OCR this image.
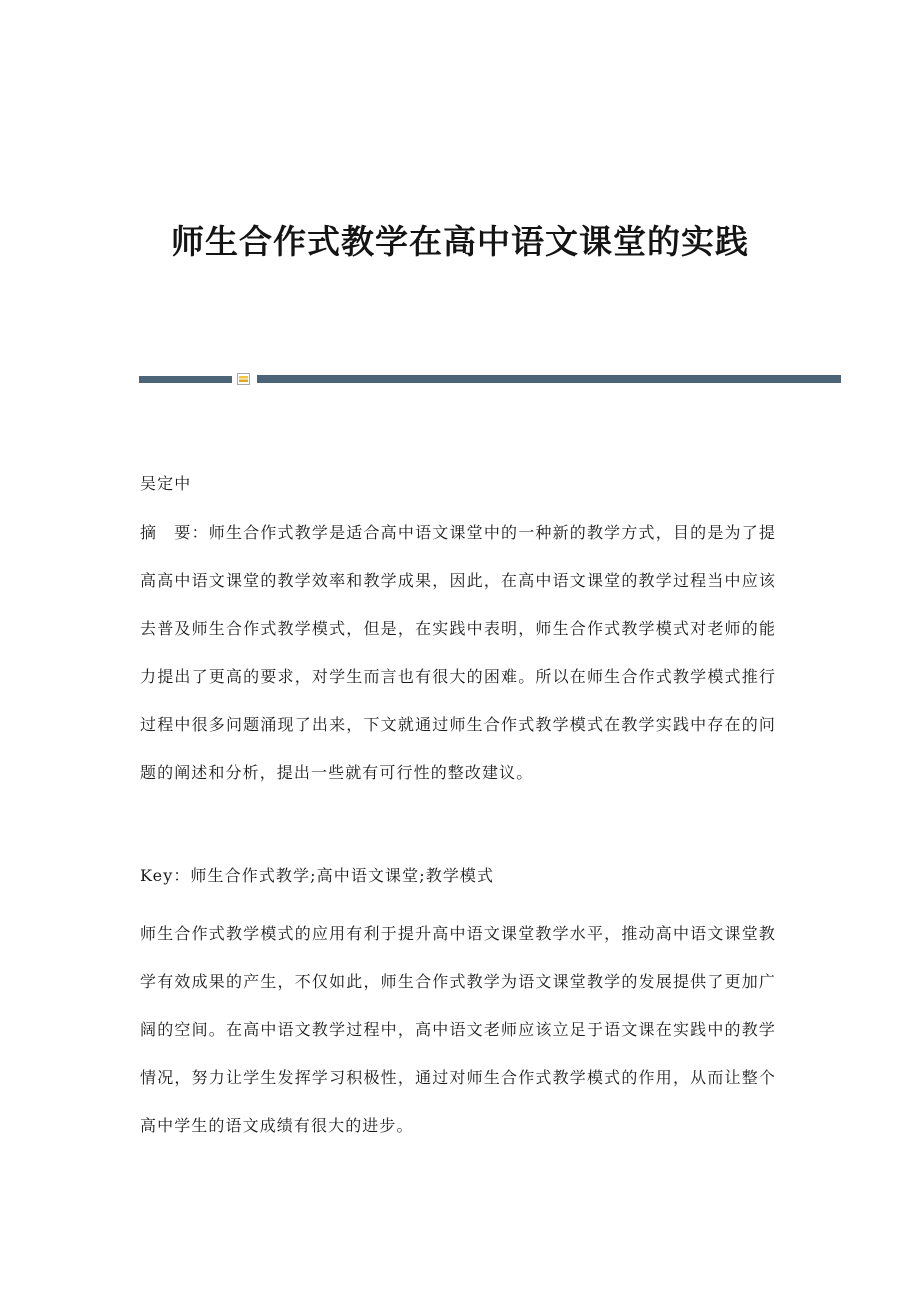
师生合作式教学在高中语文课堂的实践

吴定中

摘　要：师生合作式教学是适合高中语文课堂中的一种新的教学方式，目的是为了提高高中语文课堂的教学效率和教学成果，因此，在高中语文课堂的教学过程当中应该去普及师生合作式教学模式，但是，在实践中表明，师生合作式教学模式对老师的能力提出了更高的要求，对学生而言也有很大的困难。所以在师生合作式教学模式推行过程中很多问题涌现了出来，下文就通过师生合作式教学模式在教学实践中存在的问题的阐述和分析，提出一些就有可行性的整改建议。

Key：师生合作式教学;高中语文课堂;教学模式

师生合作式教学模式的应用有利于提升高中语文课堂教学水平，推动高中语文课堂教学有效成果的产生，不仅如此，师生合作式教学为语文课堂教学的发展提供了更加广阔的空间。在高中语文教学过程中，高中语文老师应该立足于语文课在实践中的教学情况，努力让学生发挥学习积极性，通过对师生合作式教学模式的作用，从而让整个高中学生的语文成绩有很大的进步。
